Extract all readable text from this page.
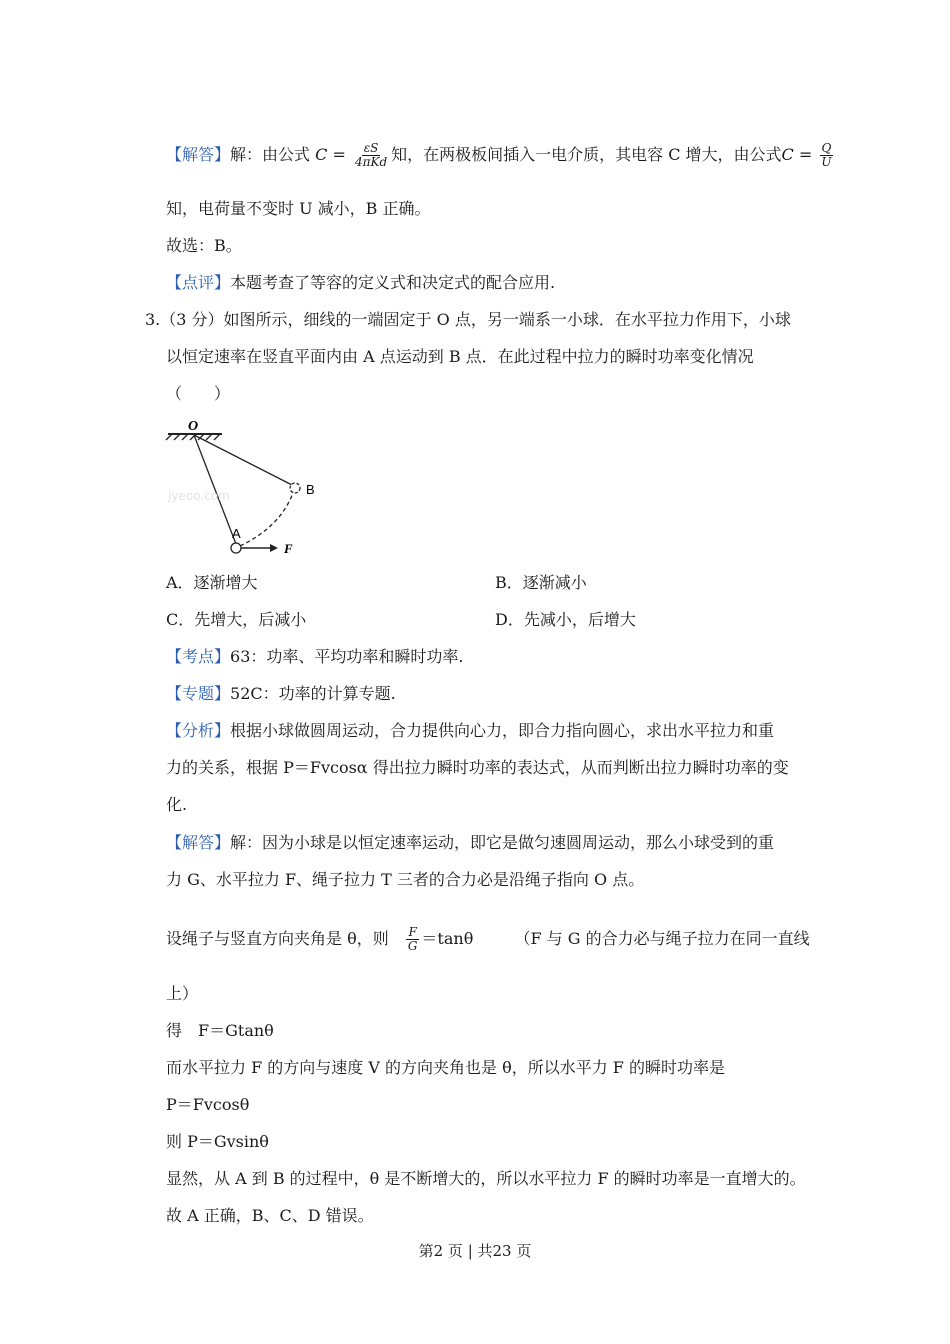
【解答】解：由公式 $C = \frac{\varepsilon S}{\text{4πKd}}$ 知，在两极板间插入一电介质，其电容 C 增大，由公式$C = \frac{Q}{U}$
知，电荷量不变时 U 减小，B 正确。
故选：B。
【点评】本题考查了等容的定义式和决定式的配合应用.
3.（3 分）如图所示，细线的一端固定于 O 点，另一端系一小球．在水平拉力作用下，小球
以恒定速率在竖直平面内由 A 点运动到 B 点．在此过程中拉力的瞬时功率变化情况
（　　）
O
A
B
F
jyeoo.com
A．逐渐增大	B．逐渐减小
C．先增大，后减小	D．先减小，后增大
【考点】63：功率、平均功率和瞬时功率.
【专题】52C：功率的计算专题.
【分析】根据小球做圆周运动，合力提供向心力，即合力指向圆心，求出水平拉力和重
力的关系，根据 P＝Fvcosα 得出拉力瞬时功率的表达式，从而判断出拉力瞬时功率的变
化.
【解答】解：因为小球是以恒定速率运动，即它是做匀速圆周运动，那么小球受到的重
力 G、水平拉力 F、绳子拉力 T 三者的合力必是沿绳子指向 O 点。
设绳子与竖直方向夹角是 θ，则 $\frac{F}{G} =\tan\theta$	（F 与 G 的合力必与绳子拉力在同一直线
上）
得　F＝Gtanθ
而水平拉力 F 的方向与速度 V 的方向夹角也是 θ，所以水平力 F 的瞬时功率是
P＝Fvcosθ
则 P＝Gvsinθ
显然，从 A 到 B 的过程中，θ 是不断增大的，所以水平拉力 F 的瞬时功率是一直增大的。
故 A 正确，B、C、D 错误。
第2 页 | 共23 页
